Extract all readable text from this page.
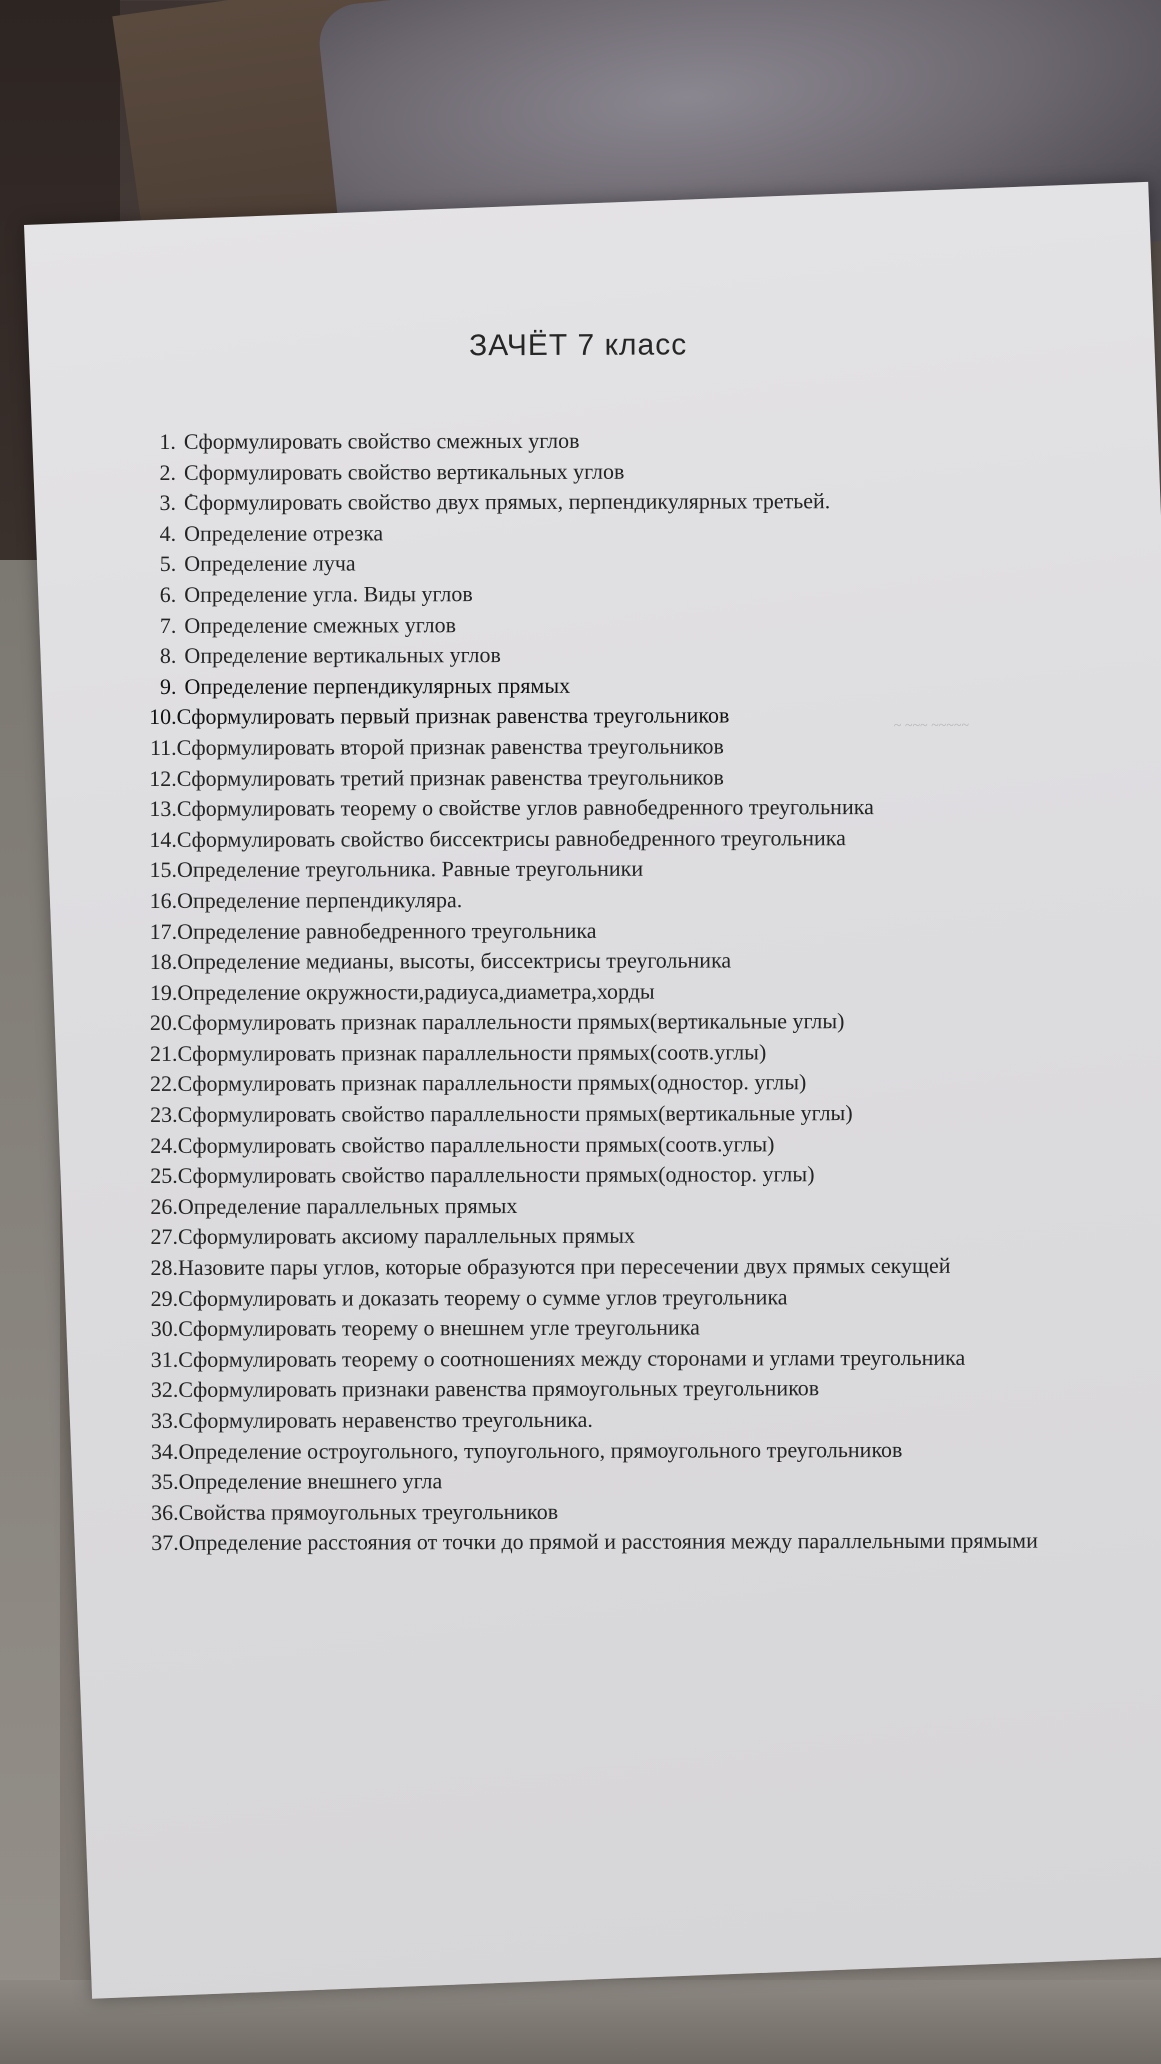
ЗАЧЁТ 7 класс
~ ~~~ ~~~~~
1. Сформулировать свойство смежных углов
2. Сформулировать свойство вертикальных углов
3. Сформулировать свойство двух прямых, перпендикулярных третьей.
4. Определение отрезка
5. Определение луча
6. Определение угла. Виды углов
7. Определение смежных углов
8. Определение вертикальных углов
9. Определение перпендикулярных прямых
10. Сформулировать первый признак равенства треугольников
11. Сформулировать второй признак равенства треугольников
12. Сформулировать третий признак равенства треугольников
13. Сформулировать теорему о свойстве углов равнобедренного треугольника
14. Сформулировать свойство биссектрисы равнобедренного треугольника
15. Определение треугольника. Равные треугольники
16. Определение перпендикуляра.
17. Определение равнобедренного треугольника
18. Определение медианы, высоты, биссектрисы треугольника
19. Определение окружности,радиуса,диаметра,хорды
20. Сформулировать признак параллельности прямых(вертикальные углы)
21. Сформулировать признак параллельности прямых(соотв.углы)
22. Сформулировать признак параллельности прямых(одностор. углы)
23. Сформулировать свойство параллельности прямых(вертикальные углы)
24. Сформулировать свойство параллельности прямых(соотв.углы)
25. Сформулировать свойство параллельности прямых(одностор. углы)
26. Определение параллельных прямых
27. Сформулировать аксиому параллельных прямых
28. Назовите пары углов, которые образуются при пересечении двух прямых секущей
29. Сформулировать и доказать теорему о сумме углов треугольника
30. Сформулировать теорему о внешнем угле треугольника
31. Сформулировать теорему о соотношениях между сторонами и углами треугольника
32. Сформулировать признаки равенства прямоугольных треугольников
33. Сформулировать неравенство треугольника.
34. Определение остроугольного, тупоугольного, прямоугольного треугольников
35. Определение внешнего угла
36. Свойства прямоугольных треугольников
37. Определение расстояния от точки до прямой и расстояния между параллельными прямыми
